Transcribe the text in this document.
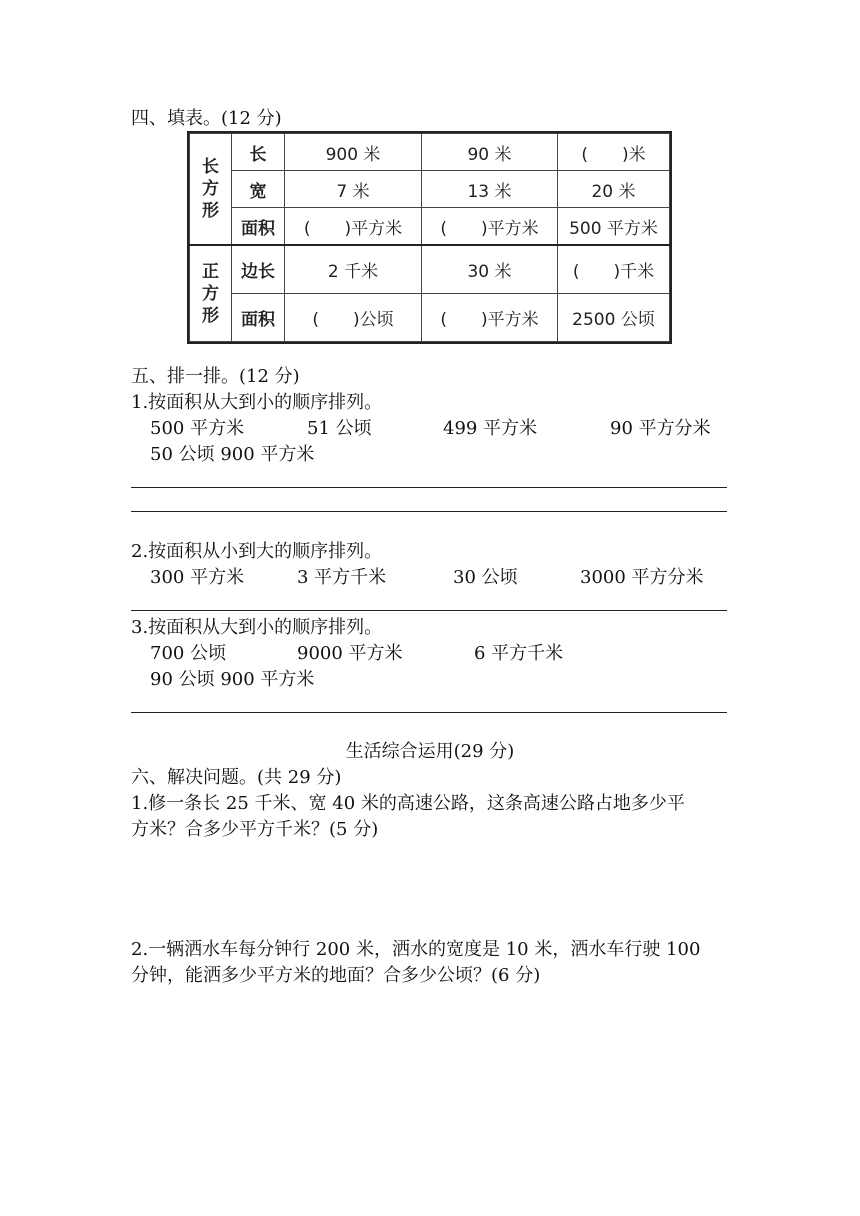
四、填表。(12 分)
长方形	长	900 米	90 米	(　　)米
	宽	7 米	13 米	20 米
	面积	(　　)平方米	(　　)平方米	500 平方米
正方形	边长	2 千米	30 米	(　　)千米
	面积	(　　)公顷	(　　)平方米	2500 公顷
五、排一排。(12 分)
1.按面积从大到小的顺序排列。
500 平方米	51 公顷	499 平方米	90 平方分米
50 公顷 900 平方米
2.按面积从小到大的顺序排列。
300 平方米	3 平方千米	30 公顷	3000 平方分米
3.按面积从大到小的顺序排列。
700 公顷	9000 平方米	6 平方千米
90 公顷 900 平方米
生活综合运用(29 分)
六、解决问题。(共 29 分)
1.修一条长 25 千米、宽 40 米的高速公路，这条高速公路占地多少平
方米？合多少平方千米？(5 分)
2.一辆洒水车每分钟行 200 米，洒水的宽度是 10 米，洒水车行驶 100
分钟，能洒多少平方米的地面？合多少公顷？(6 分)
